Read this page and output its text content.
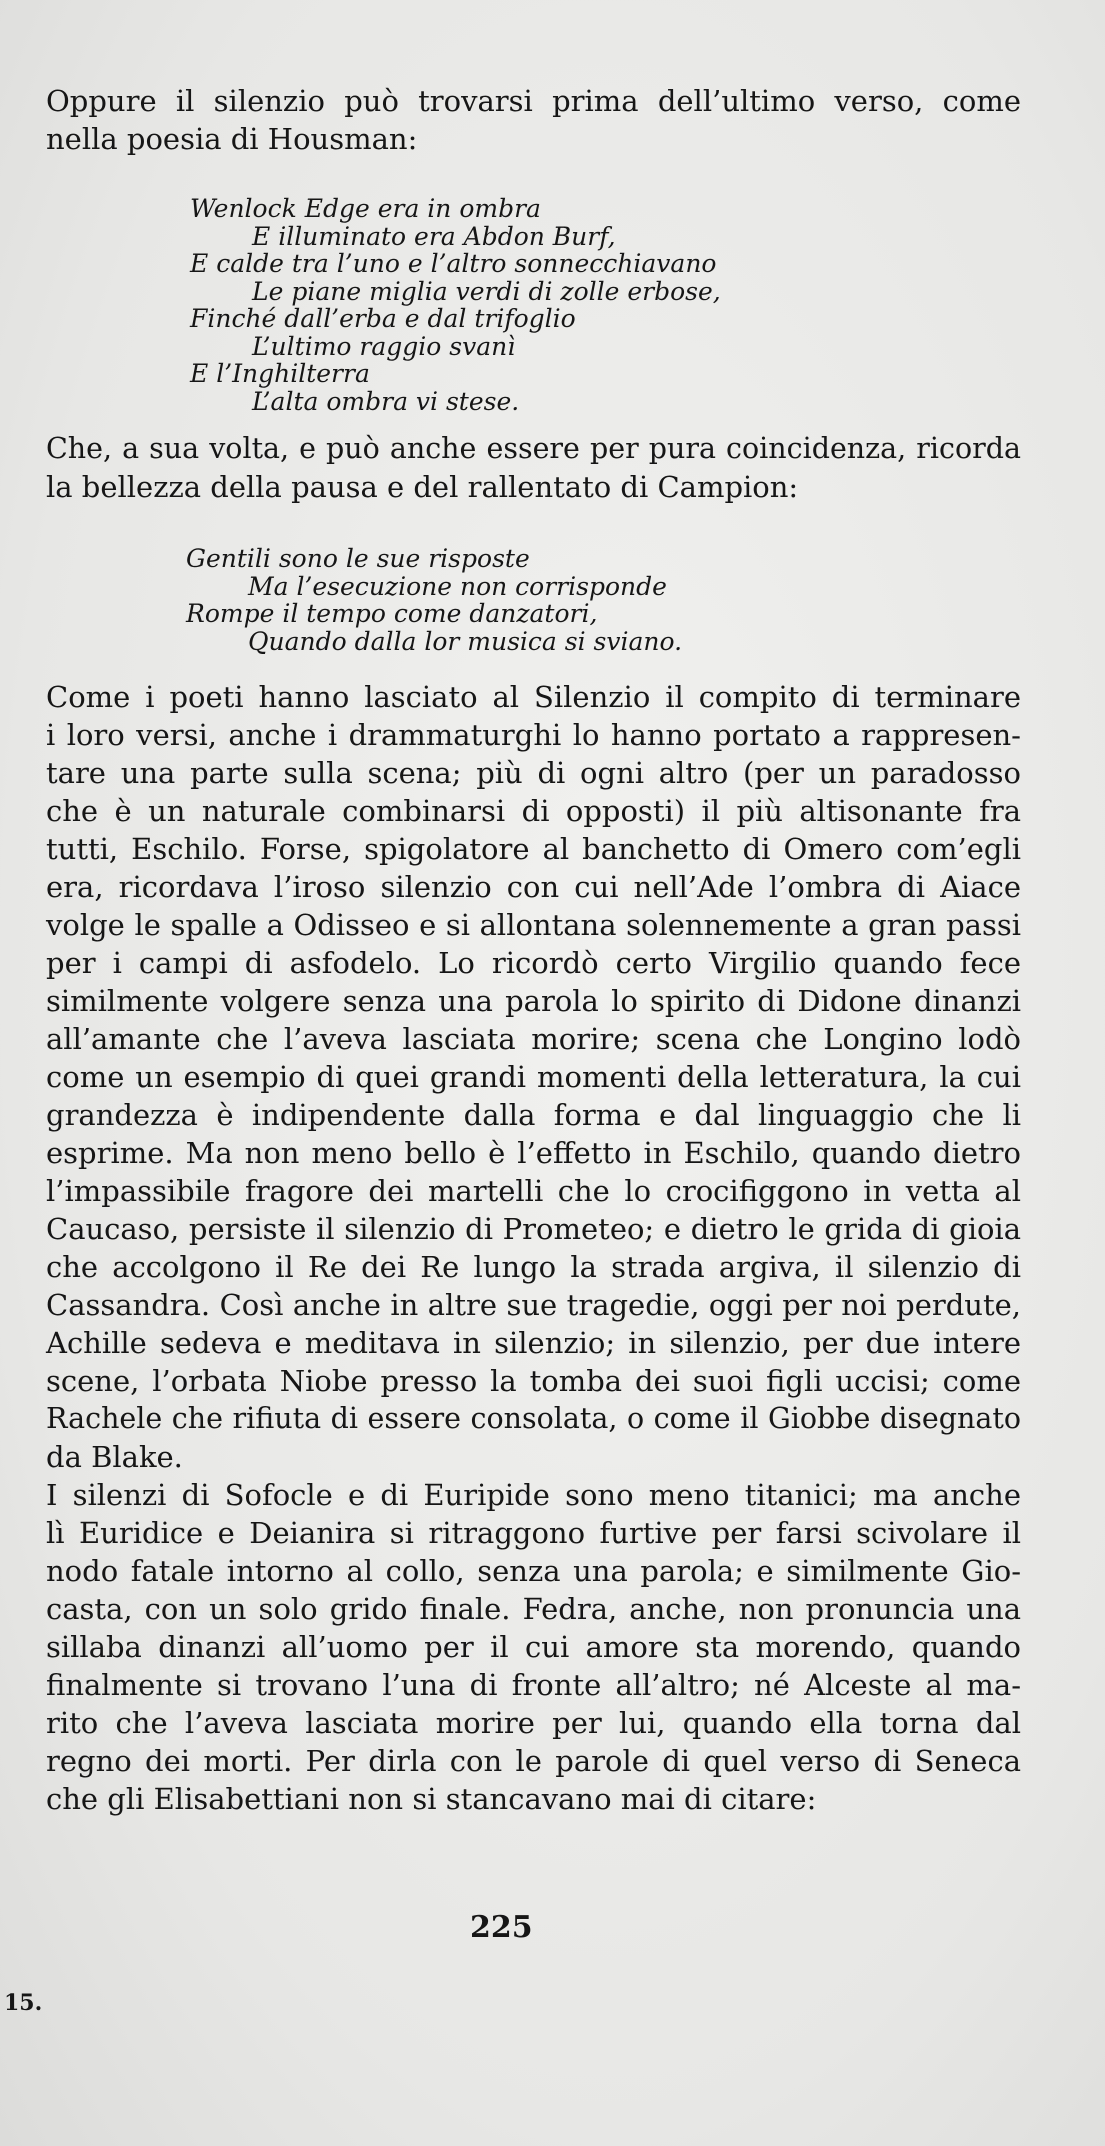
Oppure il silenzio può trovarsi prima dell’ultimo verso, come
nella poesia di Housman:
Wenlock Edge era in ombra
E illuminato era Abdon Burf,
E calde tra l’uno e l’altro sonnecchiavano
Le piane miglia verdi di zolle erbose,
Finché dall’erba e dal trifoglio
L’ultimo raggio svanì
E l’Inghilterra
L’alta ombra vi stese.
Che, a sua volta, e può anche essere per pura coincidenza, ricorda
la bellezza della pausa e del rallentato di Campion:
Gentili sono le sue risposte
Ma l’esecuzione non corrisponde
Rompe il tempo come danzatori,
Quando dalla lor musica si sviano.
Come i poeti hanno lasciato al Silenzio il compito di terminare
i loro versi, anche i drammaturghi lo hanno portato a rappresen-
tare una parte sulla scena; più di ogni altro (per un paradosso
che è un naturale combinarsi di opposti) il più altisonante fra
tutti, Eschilo. Forse, spigolatore al banchetto di Omero com’egli
era, ricordava l’iroso silenzio con cui nell’Ade l’ombra di Aiace
volge le spalle a Odisseo e si allontana solennemente a gran passi
per i campi di asfodelo. Lo ricordò certo Virgilio quando fece
similmente volgere senza una parola lo spirito di Didone dinanzi
all’amante che l’aveva lasciata morire; scena che Longino lodò
come un esempio di quei grandi momenti della letteratura, la cui
grandezza è indipendente dalla forma e dal linguaggio che li
esprime. Ma non meno bello è l’effetto in Eschilo, quando dietro
l’impassibile fragore dei martelli che lo crocifiggono in vetta al
Caucaso, persiste il silenzio di Prometeo; e dietro le grida di gioia
che accolgono il Re dei Re lungo la strada argiva, il silenzio di
Cassandra. Così anche in altre sue tragedie, oggi per noi perdute,
Achille sedeva e meditava in silenzio; in silenzio, per due intere
scene, l’orbata Niobe presso la tomba dei suoi figli uccisi; come
Rachele che rifiuta di essere consolata, o come il Giobbe disegnato
da Blake.
I silenzi di Sofocle e di Euripide sono meno titanici; ma anche
lì Euridice e Deianira si ritraggono furtive per farsi scivolare il
nodo fatale intorno al collo, senza una parola; e similmente Gio-
casta, con un solo grido finale. Fedra, anche, non pronuncia una
sillaba dinanzi all’uomo per il cui amore sta morendo, quando
finalmente si trovano l’una di fronte all’altro; né Alceste al ma-
rito che l’aveva lasciata morire per lui, quando ella torna dal
regno dei morti. Per dirla con le parole di quel verso di Seneca
che gli Elisabettiani non si stancavano mai di citare:
225
15.
